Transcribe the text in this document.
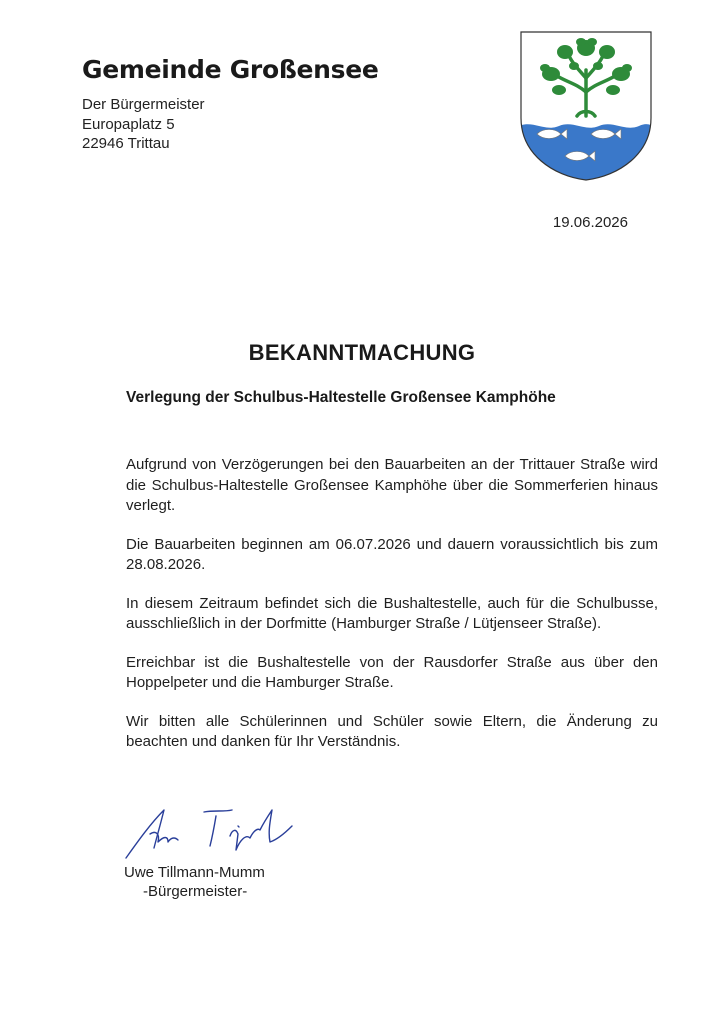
Gemeinde Großensee
Der Bürgermeister
Europaplatz 5
22946 Trittau
19.06.2026
BEKANNTMACHUNG
Verlegung der Schulbus-Haltestelle Großensee Kamphöhe

Aufgrund von Verzögerungen bei den Bauarbeiten an der Trittauer Straße wird die Schulbus-Haltestelle Großensee Kamphöhe über die Sommerferien hinaus verlegt.

Die Bauarbeiten beginnen am 06.07.2026 und dauern voraussichtlich bis zum 28.08.2026.

In diesem Zeitraum befindet sich die Bushaltestelle, auch für die Schulbusse, ausschließlich in der Dorfmitte (Hamburger Straße / Lütjenseer Straße).

Erreichbar ist die Bushaltestelle von der Rausdorfer Straße aus über den Hoppelpeter und die Hamburger Straße.

Wir bitten alle Schülerinnen und Schüler sowie Eltern, die Änderung zu beachten und danken für Ihr Verständnis.

Uwe Tillmann-Mumm
-Bürgermeister-
